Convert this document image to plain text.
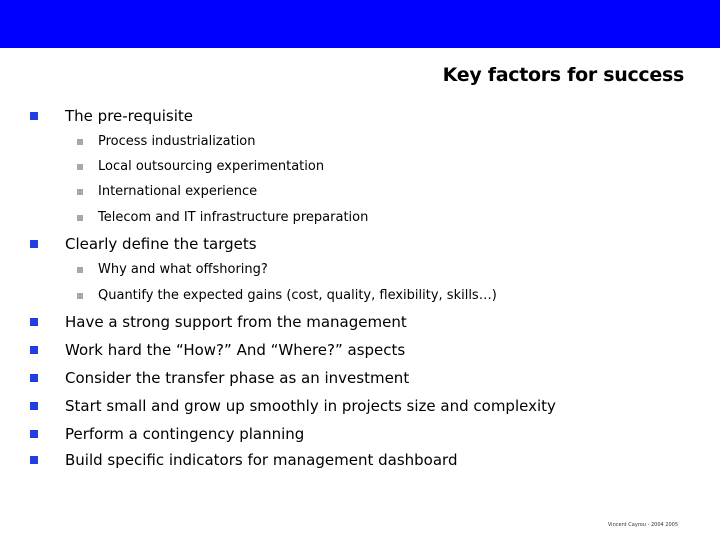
Key factors for success
The pre-requisite
Process industrialization
Local outsourcing experimentation
International experience
Telecom and IT infrastructure preparation
Clearly define the targets
Why and what offshoring?
Quantify the expected gains (cost, quality, flexibility, skills…)
Have a strong support from the management
Work hard the “How?” And “Where?” aspects
Consider the transfer phase as an investment
Start small and grow up smoothly in projects size and complexity
Perform a contingency planning
Build specific indicators for management dashboard
Vincent Cayrou - 2004 2005
